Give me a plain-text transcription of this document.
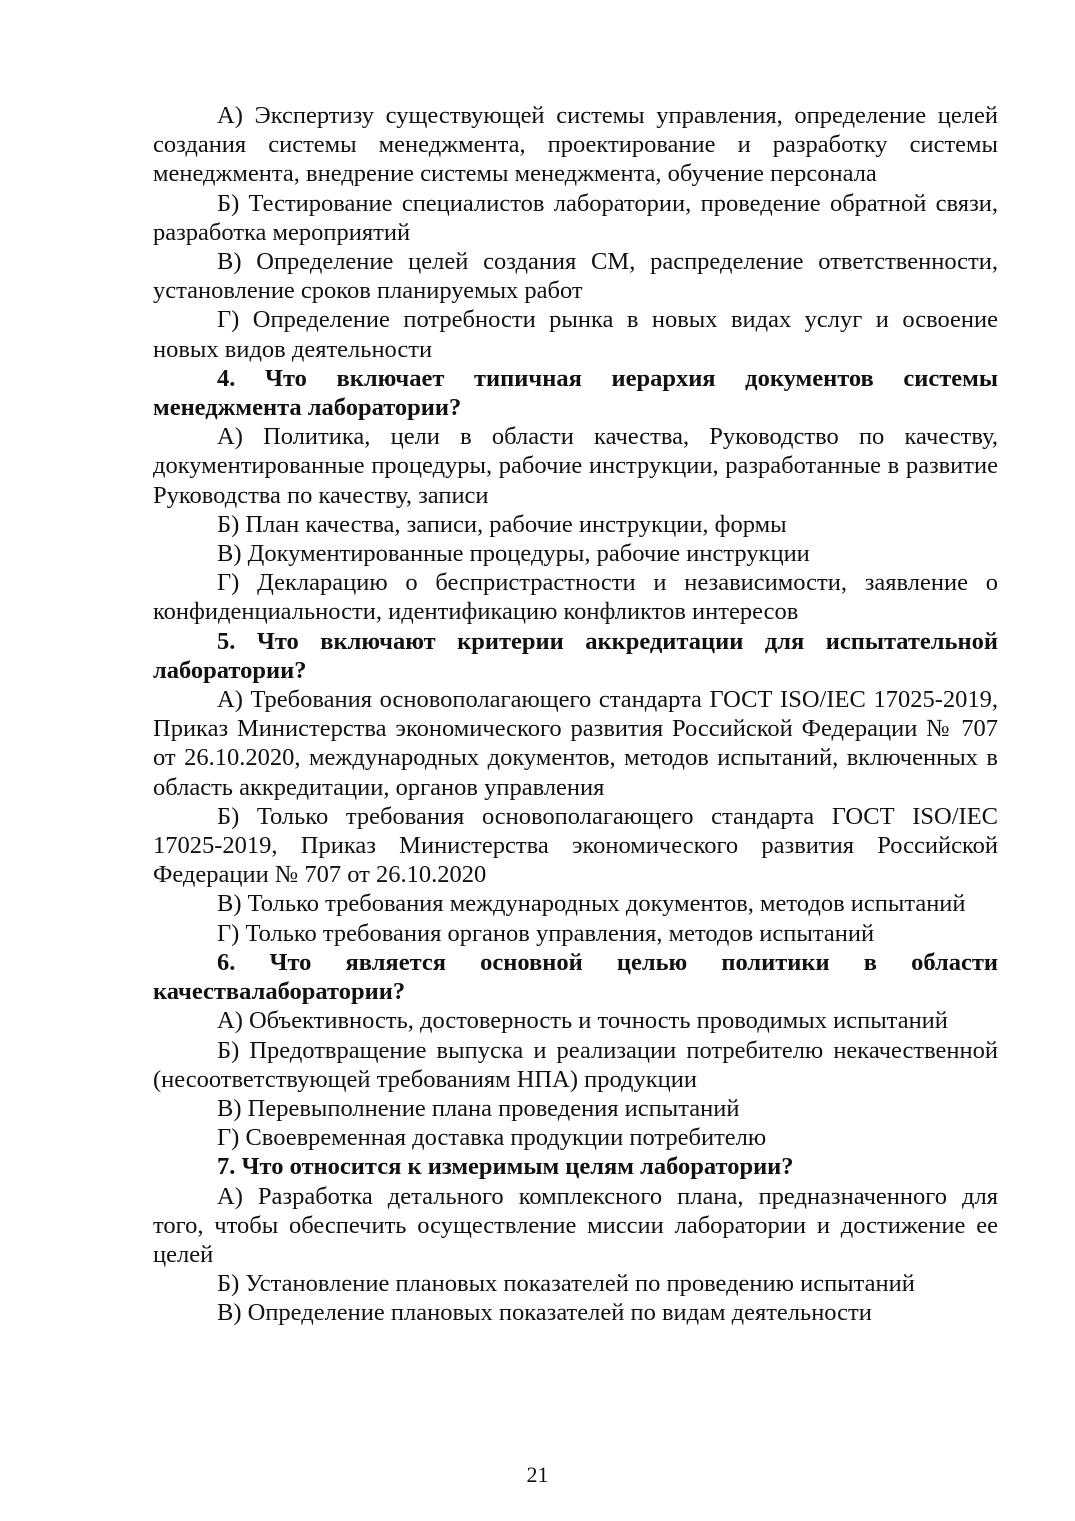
А) Экспертизу существующей системы управления, определение целей создания системы менеджмента, проектирование и разработку системы менеджмента, внедрение системы менеджмента, обучение персонала

Б) Тестирование специалистов лаборатории, проведение обратной связи, разработка мероприятий

В) Определение целей создания СМ, распределение ответственности, установление сроков планируемых работ

Г) Определение потребности рынка в новых видах услуг и освоение новых видов деятельности

4. Что включает типичная иерархия документов системы менеджмента лаборатории?

А) Политика, цели в области качества, Руководство по качеству, документированные процедуры, рабочие инструкции, разработанные в развитие Руководства по качеству, записи

Б) План качества, записи, рабочие инструкции, формы

В) Документированные процедуры, рабочие инструкции

Г) Декларацию о беспристрастности и независимости, заявление о конфиденциальности, идентификацию конфликтов интересов

5. Что включают критерии аккредитации для испытательной лаборатории?

А) Требования основополагающего стандарта ГОСТ ISO/IEC 17025-2019, Приказ Министерства экономического развития Российской Федерации № 707 от 26.10.2020, международных документов, методов испытаний, включенных в область аккредитации, органов управления

Б) Только требования основополагающего стандарта ГОСТ ISO/IEC 17025-2019, Приказ Министерства экономического развития Российской Федерации № 707 от 26.10.2020

В) Только требования международных документов, методов испытаний

Г) Только требования органов управления, методов испытаний

6. Что является основной целью политики в области качествалаборатории?

А) Объективность, достоверность и точность проводимых испытаний

Б) Предотвращение выпуска и реализации потребителю некачественной (несоответствующей требованиям НПА) продукции

В) Перевыполнение плана проведения испытаний

Г) Своевременная доставка продукции потребителю

7. Что относится к измеримым целям лаборатории?

А) Разработка детального комплексного плана, предназначенного для того, чтобы обеспечить осуществление миссии лаборатории и достижение ее целей

Б) Установление плановых показателей по проведению испытаний

В) Определение плановых показателей по видам деятельности

21
